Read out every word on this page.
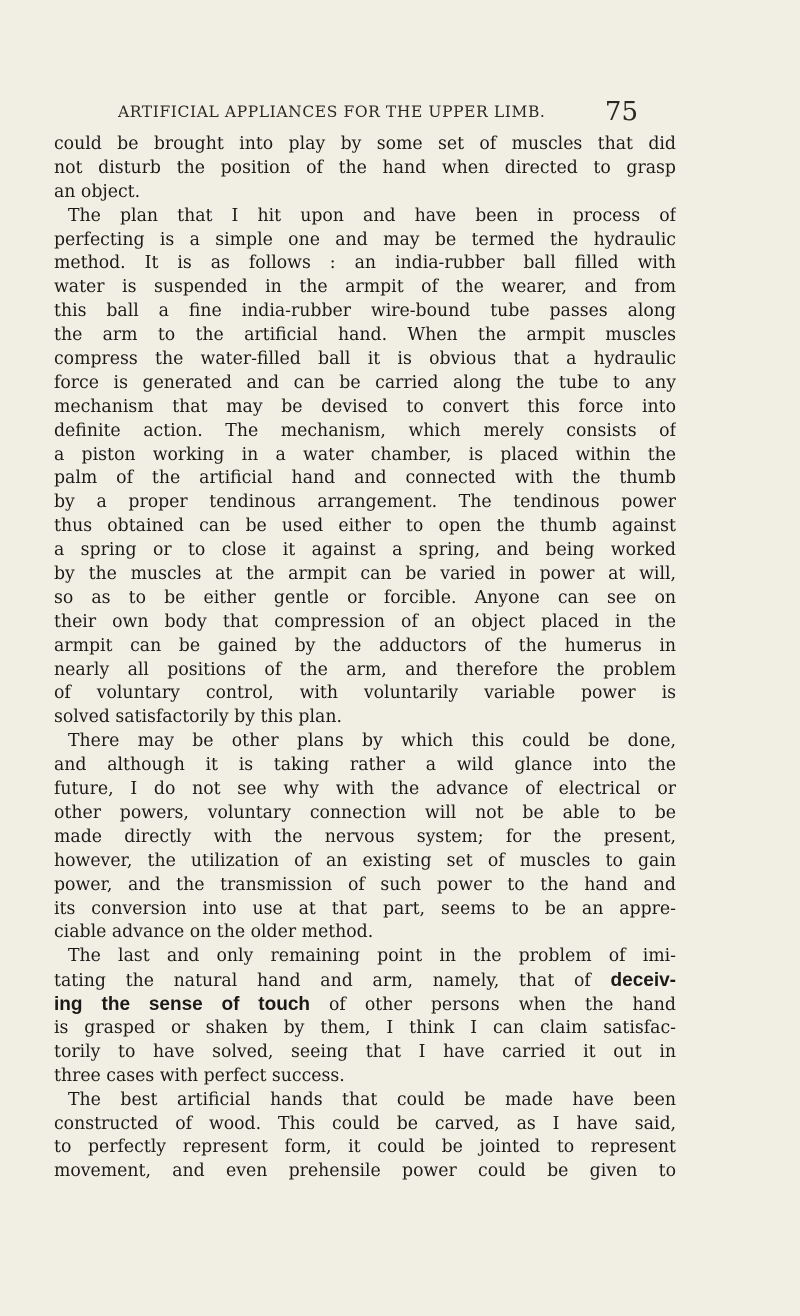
ARTIFICIAL APPLIANCES FOR THE UPPER LIMB. 75
could be brought into play by some set of muscles that did
not disturb the position of the hand when directed to grasp
an object.
The plan that I hit upon and have been in process of
perfecting is a simple one and may be termed the hydraulic
method. It is as follows : an india-rubber ball filled with
water is suspended in the armpit of the wearer, and from
this ball a fine india-rubber wire-bound tube passes along
the arm to the artificial hand. When the armpit muscles
compress the water-filled ball it is obvious that a hydraulic
force is generated and can be carried along the tube to any
mechanism that may be devised to convert this force into
definite action. The mechanism, which merely consists of
a piston working in a water chamber, is placed within the
palm of the artificial hand and connected with the thumb
by a proper tendinous arrangement. The tendinous power
thus obtained can be used either to open the thumb against
a spring or to close it against a spring, and being worked
by the muscles at the armpit can be varied in power at will,
so as to be either gentle or forcible. Anyone can see on
their own body that compression of an object placed in the
armpit can be gained by the adductors of the humerus in
nearly all positions of the arm, and therefore the problem
of voluntary control, with voluntarily variable power is
solved satisfactorily by this plan.
There may be other plans by which this could be done,
and although it is taking rather a wild glance into the
future, I do not see why with the advance of electrical or
other powers, voluntary connection will not be able to be
made directly with the nervous system; for the present,
however, the utilization of an existing set of muscles to gain
power, and the transmission of such power to the hand and
its conversion into use at that part, seems to be an appre-
ciable advance on the older method.
The last and only remaining point in the problem of imi-
tating the natural hand and arm, namely, that of deceiv-
ing the sense of touch of other persons when the hand
is grasped or shaken by them, I think I can claim satisfac-
torily to have solved, seeing that I have carried it out in
three cases with perfect success.
The best artificial hands that could be made have been
constructed of wood. This could be carved, as I have said,
to perfectly represent form, it could be jointed to represent
movement, and even prehensile power could be given to
